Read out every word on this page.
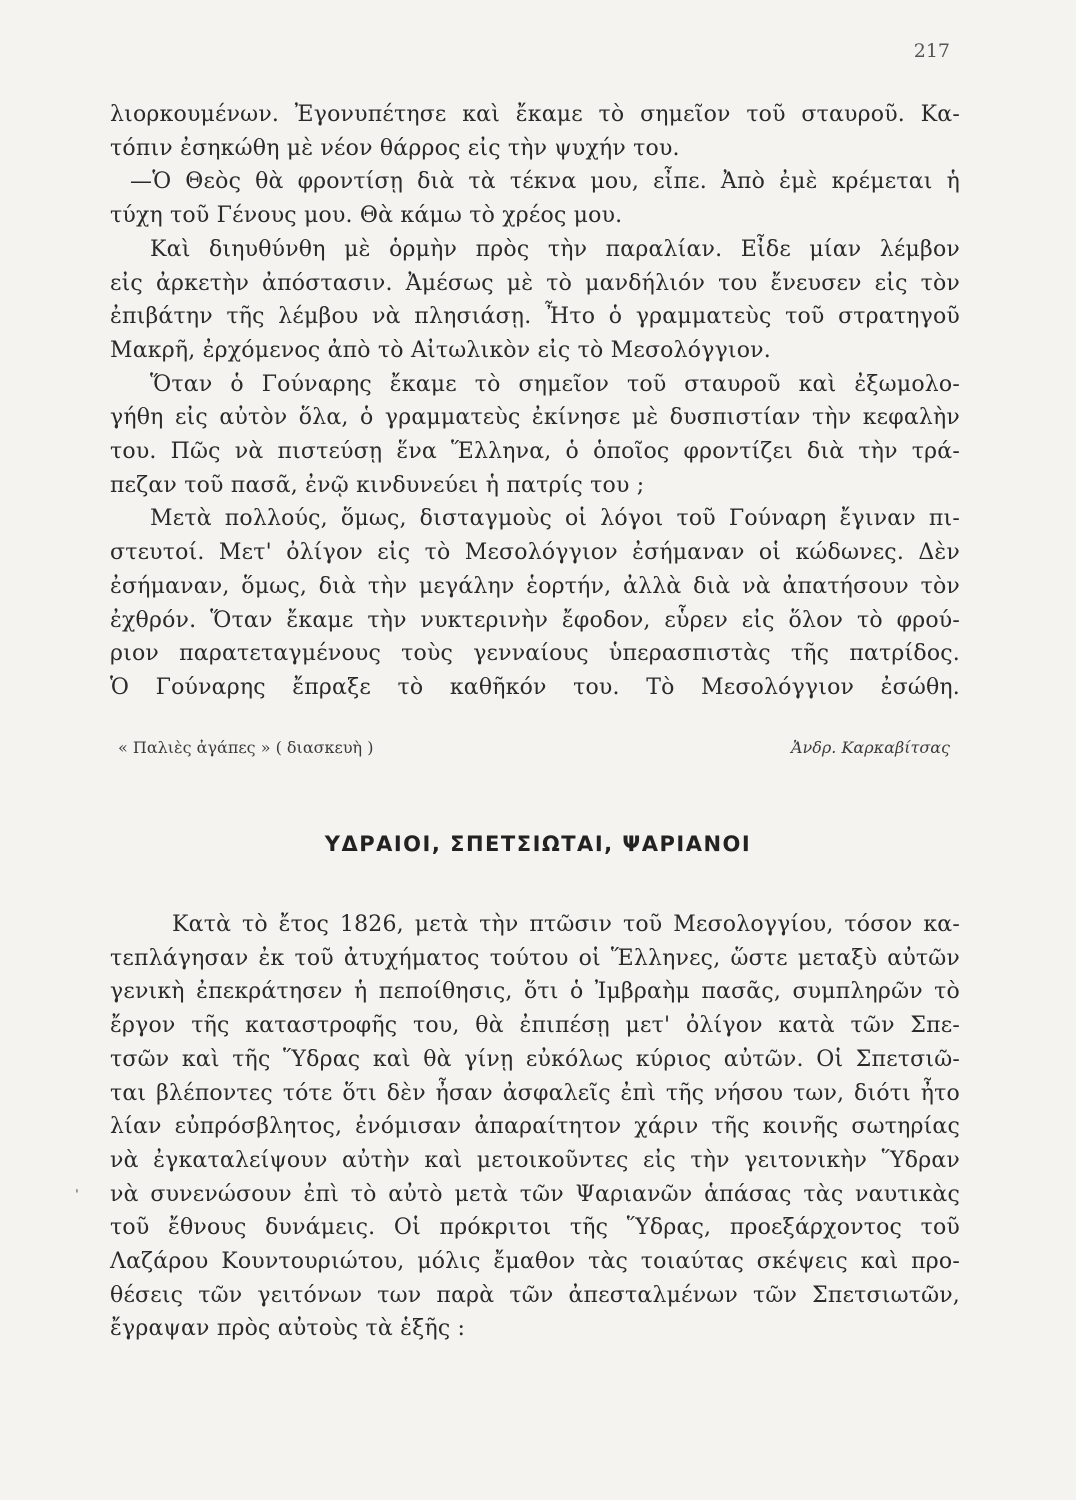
217
λιορκουμένων. Ἐγονυπέτησε καὶ ἔκαμε τὸ σημεῖον τοῦ σταυροῦ. Κα-
τόπιν ἐσηκώθη μὲ νέον θάρρος εἰς τὴν ψυχήν του.
—Ὁ Θεὸς θὰ φροντίσῃ διὰ τὰ τέκνα μου, εἶπε. Ἀπὸ ἐμὲ κρέμεται ἡ
τύχη τοῦ Γένους μου. Θὰ κάμω τὸ χρέος μου.
Καὶ διηυθύνθη μὲ ὁρμὴν πρὸς τὴν παραλίαν. Εἶδε μίαν λέμβον
εἰς ἀρκετὴν ἀπόστασιν. Ἀμέσως μὲ τὸ μανδήλιόν του ἔνευσεν εἰς τὸν
ἐπιβάτην τῆς λέμβου νὰ πλησιάσῃ. Ἦτο ὁ γραμματεὺς τοῦ στρατηγοῦ
Μακρῆ, ἐρχόμενος ἀπὸ τὸ Αἰτωλικὸν εἰς τὸ Μεσολόγγιον.
Ὅταν ὁ Γούναρης ἔκαμε τὸ σημεῖον τοῦ σταυροῦ καὶ ἐξωμολο-
γήθη εἰς αὐτὸν ὅλα, ὁ γραμματεὺς ἐκίνησε μὲ δυσπιστίαν τὴν κεφαλὴν
του. Πῶς νὰ πιστεύσῃ ἕνα Ἕλληνα, ὁ ὁποῖος φροντίζει διὰ τὴν τρά-
πεζαν τοῦ πασᾶ, ἐνῷ κινδυνεύει ἡ πατρίς του ;
Μετὰ πολλούς, ὅμως, δισταγμοὺς οἱ λόγοι τοῦ Γούναρη ἔγιναν πι-
στευτοί. Μετ' ὀλίγον εἰς τὸ Μεσολόγγιον ἐσήμαναν οἱ κώδωνες. Δὲν
ἐσήμαναν, ὅμως, διὰ τὴν μεγάλην ἑορτήν, ἀλλὰ διὰ νὰ ἀπατήσουν τὸν
ἐχθρόν. Ὅταν ἔκαμε τὴν νυκτερινὴν ἔφοδον, εὗρεν εἰς ὅλον τὸ φρού-
ριον παρατεταγμένους τοὺς γενναίους ὑπερασπιστὰς τῆς πατρίδος.
Ὁ Γούναρης ἔπραξε τὸ καθῆκόν του. Τὸ Μεσολόγγιον ἐσώθη.
« Παλιὲς ἀγάπες » ( διασκευὴ )	Ἀνδρ. Καρκαβίτσας
ΥΔΡΑΙΟΙ, ΣΠΕΤΣΙΩΤΑΙ, ΨΑΡΙΑΝΟΙ
Κατὰ τὸ ἔτος 1826, μετὰ τὴν πτῶσιν τοῦ Μεσολογγίου, τόσον κα-
τεπλάγησαν ἐκ τοῦ ἀτυχήματος τούτου οἱ Ἕλληνες, ὥστε μεταξὺ αὐτῶν
γενικὴ ἐπεκράτησεν ἡ πεποίθησις, ὅτι ὁ Ἰμβραὴμ πασᾶς, συμπληρῶν τὸ
ἔργον τῆς καταστροφῆς του, θὰ ἐπιπέσῃ μετ' ὀλίγον κατὰ τῶν Σπε-
τσῶν καὶ τῆς Ὕδρας καὶ θὰ γίνῃ εὐκόλως κύριος αὐτῶν. Οἱ Σπετσιῶ-
ται βλέποντες τότε ὅτι δὲν ἦσαν ἀσφαλεῖς ἐπὶ τῆς νήσου των, διότι ἦτο
λίαν εὐπρόσβλητος, ἐνόμισαν ἀπαραίτητον χάριν τῆς κοινῆς σωτηρίας
νὰ ἐγκαταλείψουν αὐτὴν καὶ μετοικοῦντες εἰς τὴν γειτονικὴν Ὕδραν
νὰ συνενώσουν ἐπὶ τὸ αὐτὸ μετὰ τῶν Ψαριανῶν ἁπάσας τὰς ναυτικὰς
τοῦ ἔθνους δυνάμεις. Οἱ πρόκριτοι τῆς Ὕδρας, προεξάρχοντος τοῦ
Λαζάρου Κουντουριώτου, μόλις ἔμαθον τὰς τοιαύτας σκέψεις καὶ προ-
θέσεις τῶν γειτόνων των παρὰ τῶν ἀπεσταλμένων τῶν Σπετσιωτῶν,
ἔγραψαν πρὸς αὐτοὺς τὰ ἑξῆς :
ˈ
